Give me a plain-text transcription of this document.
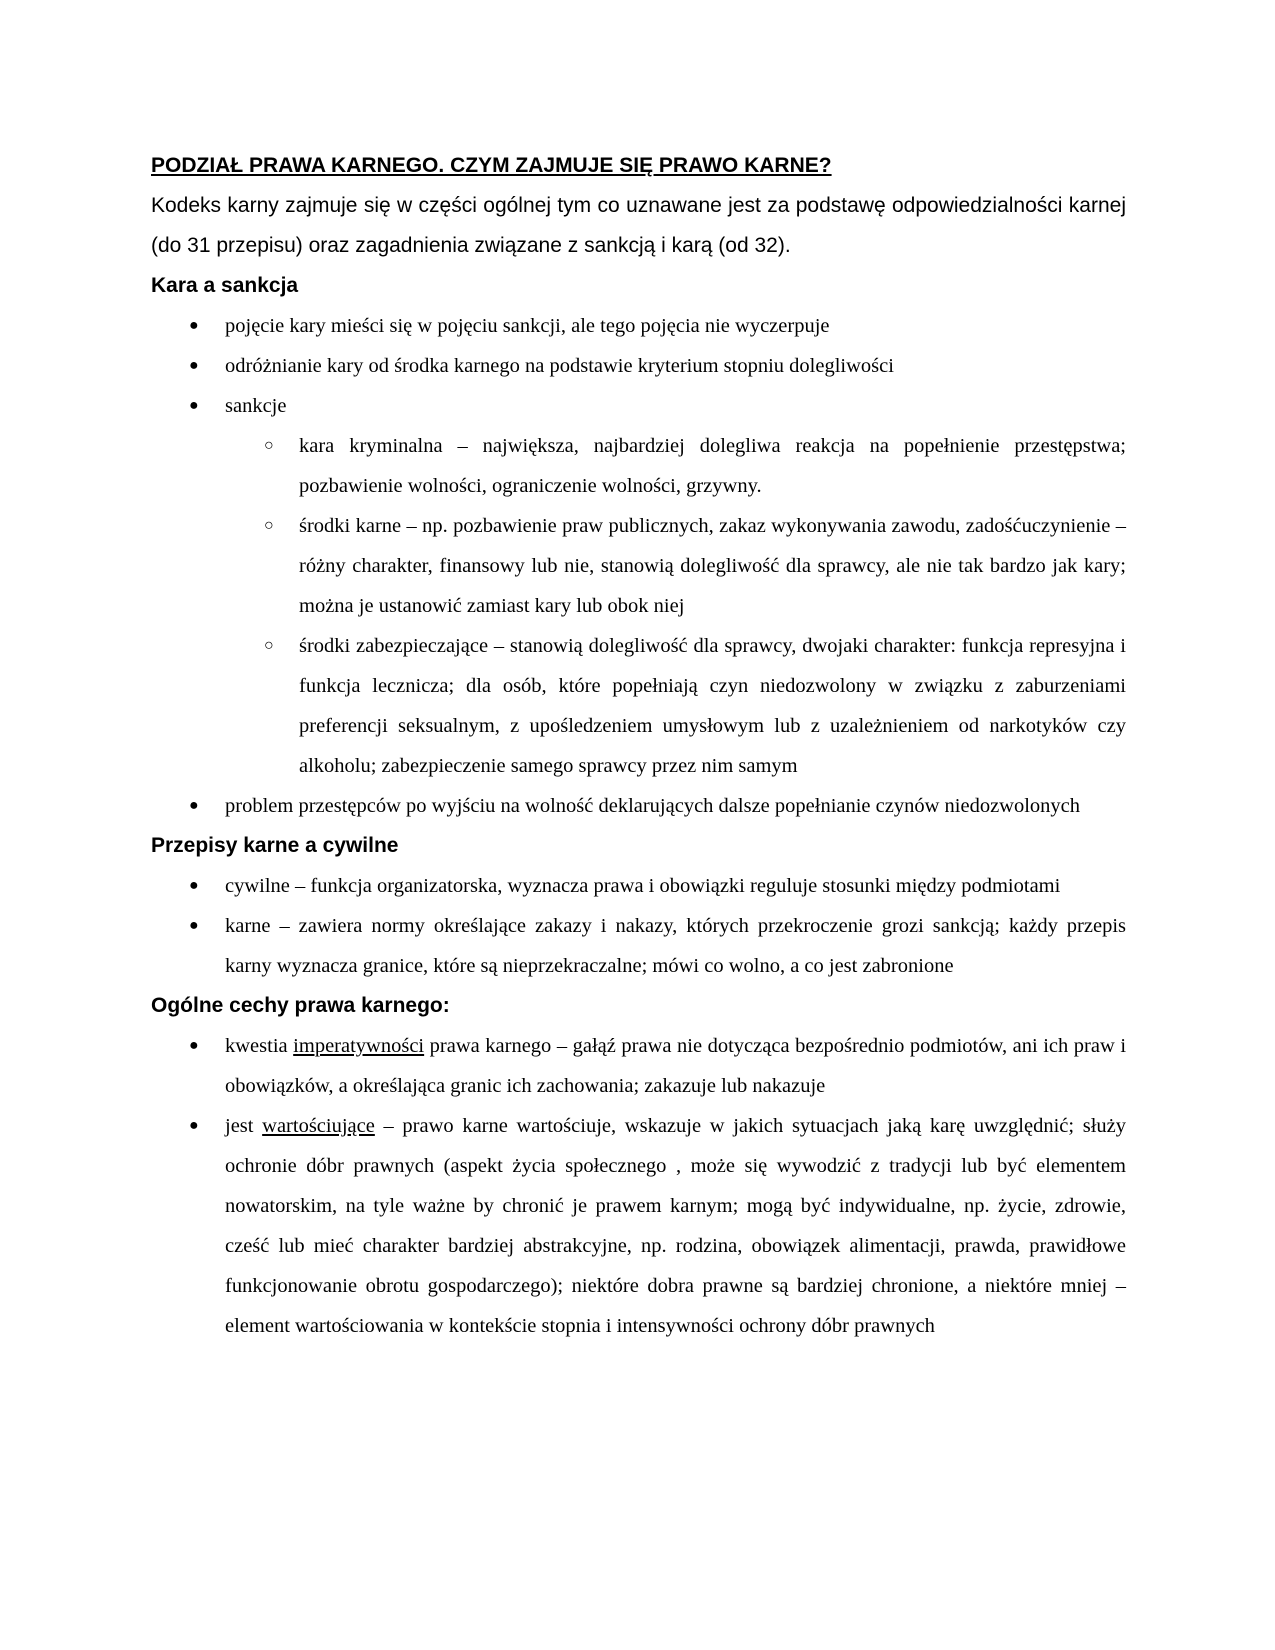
PODZIAŁ PRAWA KARNEGO. CZYM ZAJMUJE SIĘ PRAWO KARNE?

Kodeks karny zajmuje się w części ogólnej tym co uznawane jest za podstawę odpowiedzialności karnej (do 31 przepisu) oraz zagadnienia związane z sankcją i karą (od 32).

Kara a sankcja

● pojęcie kary mieści się w pojęciu sankcji, ale tego pojęcia nie wyczerpuje
● odróżnianie kary od środka karnego na podstawie kryterium stopniu dolegliwości
● sankcje
○ kara kryminalna – największa, najbardziej dolegliwa reakcja na popełnienie przestępstwa; pozbawienie wolności, ograniczenie wolności, grzywny.
○ środki karne – np. pozbawienie praw publicznych, zakaz wykonywania zawodu, zadośćuczynienie – różny charakter, finansowy lub nie, stanowią dolegliwość dla sprawcy, ale nie tak bardzo jak kary; można je ustanowić zamiast kary lub obok niej
○ środki zabezpieczające – stanowią dolegliwość dla sprawcy, dwojaki charakter: funkcja represyjna i funkcja lecznicza; dla osób, które popełniają czyn niedozwolony w związku z zaburzeniami preferencji seksualnym, z upośledzeniem umysłowym lub z uzależnieniem od narkotyków czy alkoholu; zabezpieczenie samego sprawcy przez nim samym
● problem przestępców po wyjściu na wolność deklarujących dalsze popełnianie czynów niedozwolonych

Przepisy karne a cywilne

● cywilne – funkcja organizatorska, wyznacza prawa i obowiązki reguluje stosunki między podmiotami
● karne – zawiera normy określające zakazy i nakazy, których przekroczenie grozi sankcją; każdy przepis karny wyznacza granice, które są nieprzekraczalne; mówi co wolno, a co jest zabronione

Ogólne cechy prawa karnego:

● kwestia imperatywności prawa karnego – gałąź prawa nie dotycząca bezpośrednio podmiotów, ani ich praw i obowiązków, a określająca granic ich zachowania; zakazuje lub nakazuje
● jest wartościujące – prawo karne wartościuje, wskazuje w jakich sytuacjach jaką karę uwzględnić; służy ochronie dóbr prawnych (aspekt życia społecznego , może się wywodzić z tradycji lub być elementem nowatorskim, na tyle ważne by chronić je prawem karnym; mogą być indywidualne, np. życie, zdrowie, cześć lub mieć charakter bardziej abstrakcyjne, np. rodzina, obowiązek alimentacji, prawda, prawidłowe funkcjonowanie obrotu gospodarczego); niektóre dobra prawne są bardziej chronione, a niektóre mniej – element wartościowania w kontekście stopnia i intensywności ochrony dóbr prawnych
